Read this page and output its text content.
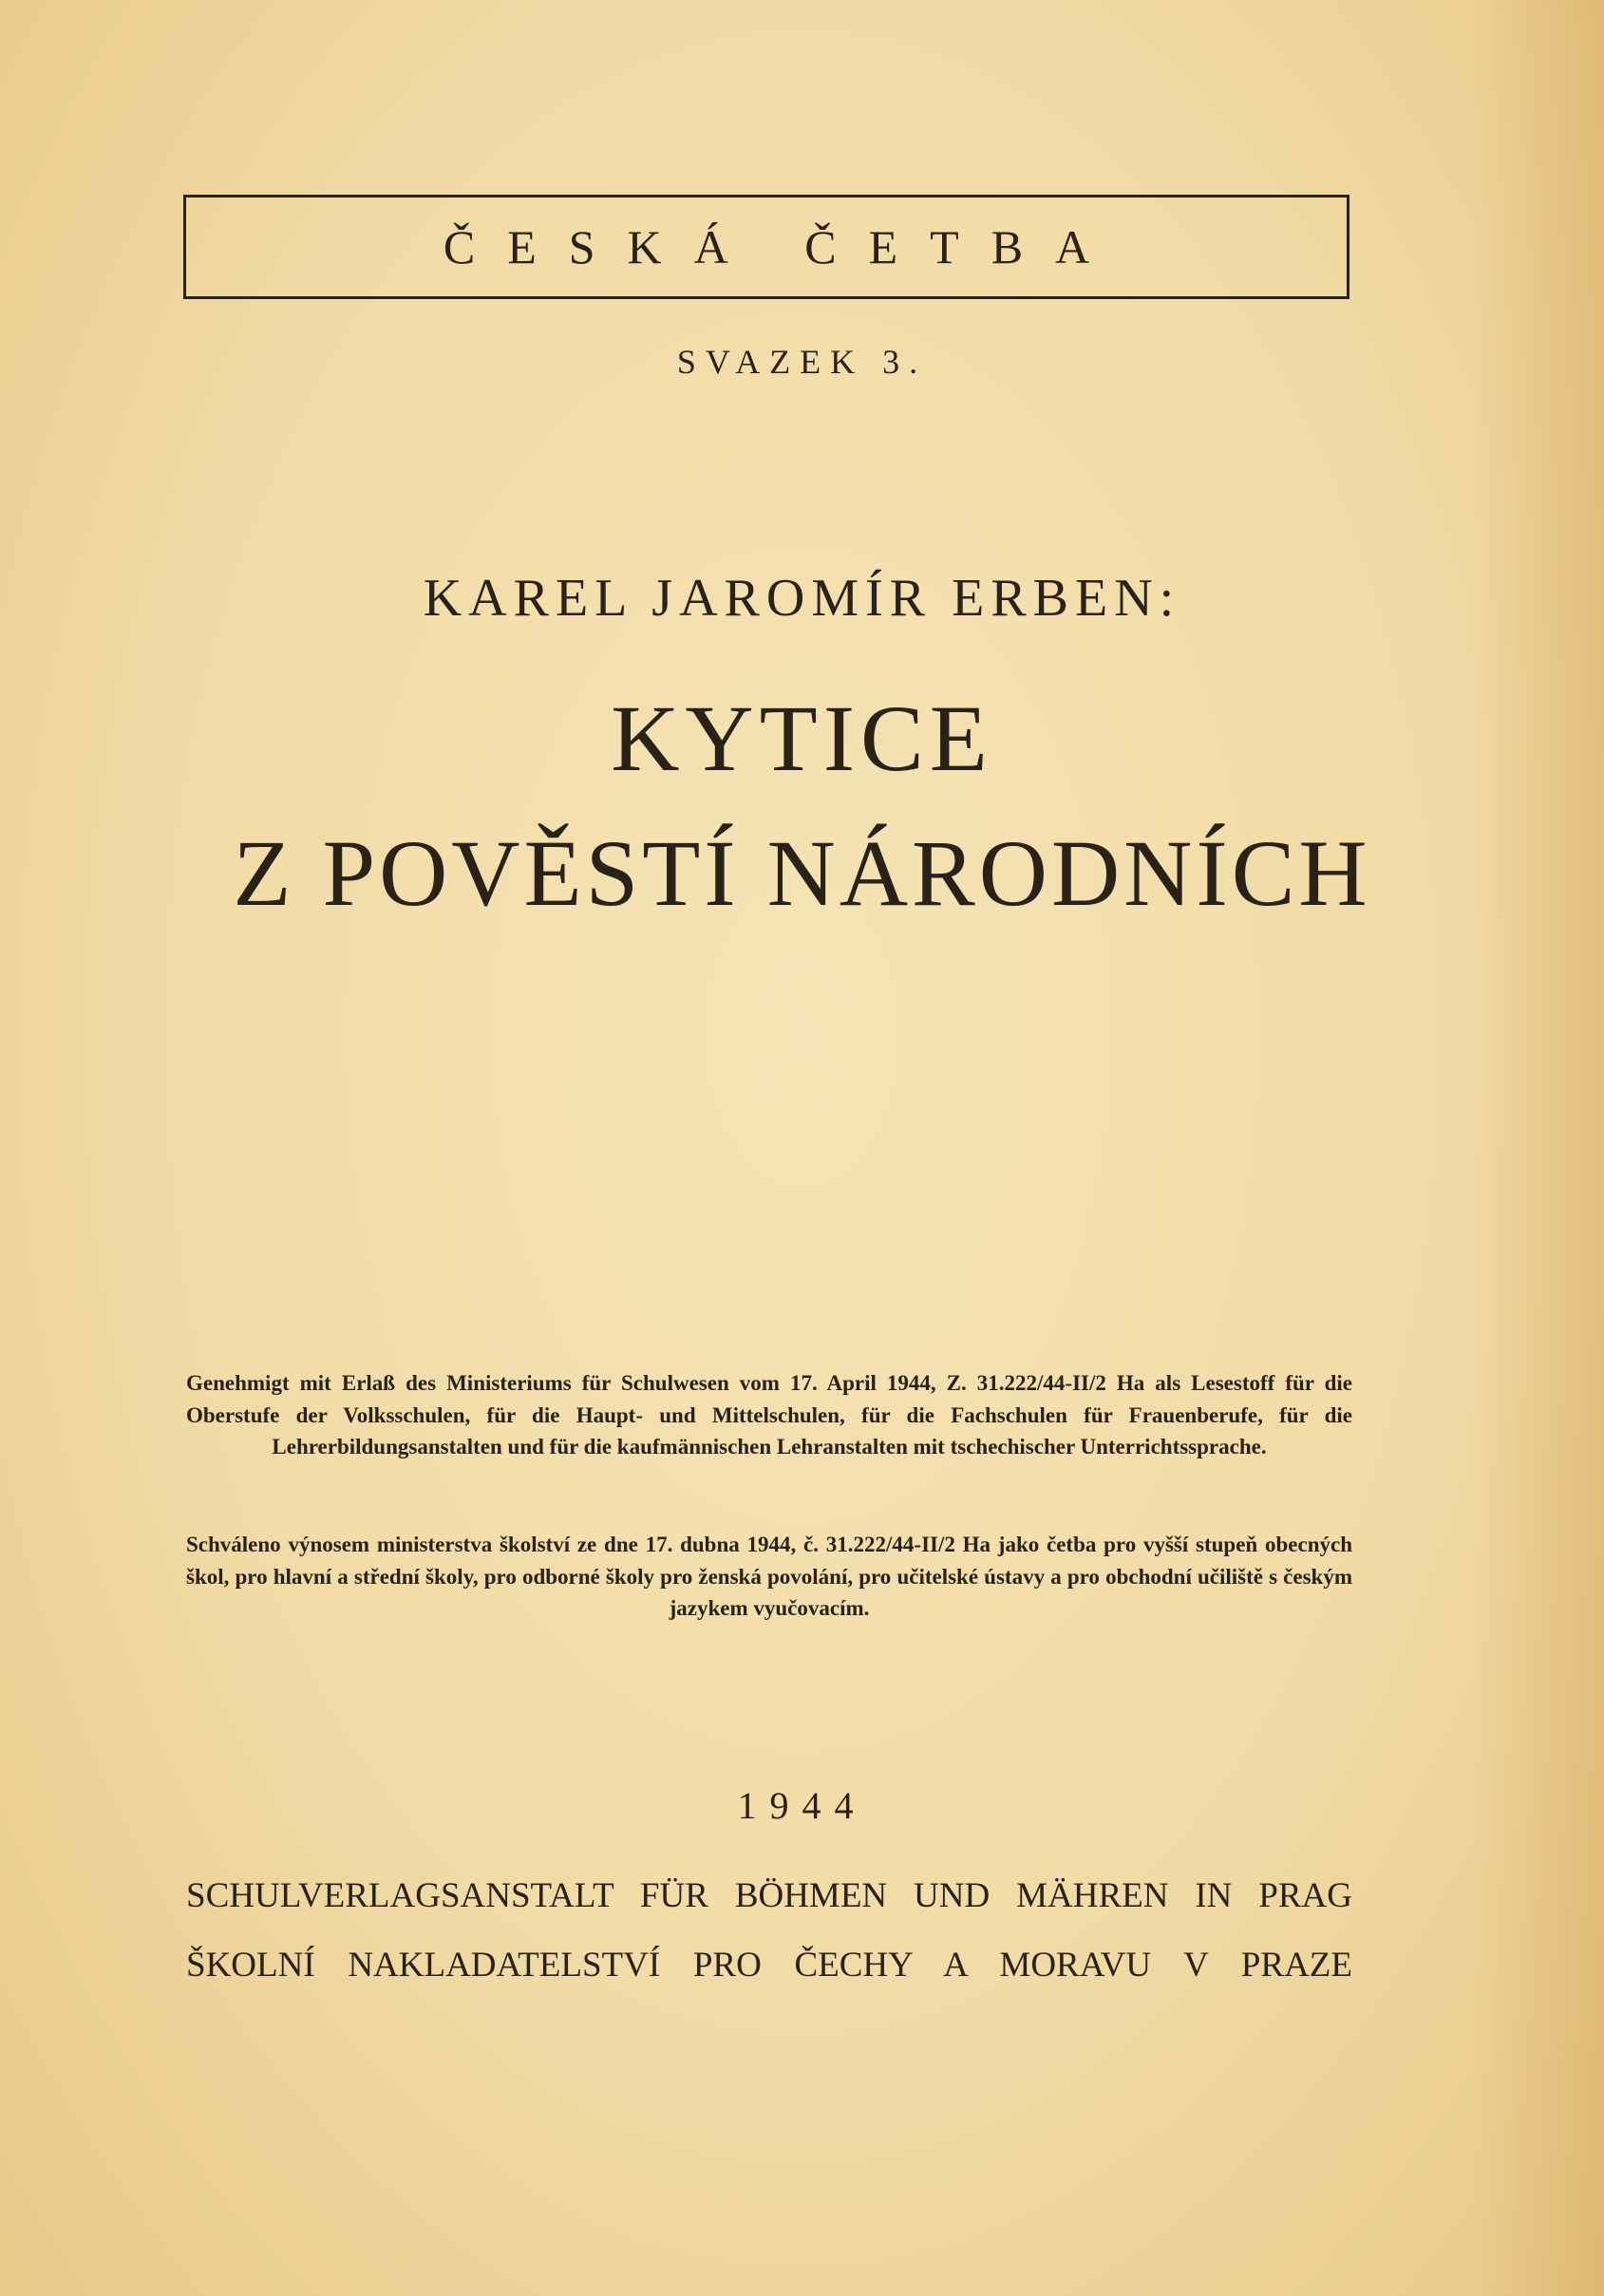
ČESKÁ ČETBA
SVAZEK 3.
KAREL JAROMÍR ERBEN:
KYTICE
Z POVĚSTÍ NÁRODNÍCH

Genehmigt mit Erlaß des Ministeriums für Schulwesen vom 17. April 1944, Z. 31.222/44-II/2 Ha als Lesestoff für die Oberstufe der Volksschulen, für die Haupt- und Mittelschulen, für die Fachschulen für Frauenberufe, für die Lehrerbildungsanstalten und für die kaufmännischen Lehranstalten mit tschechischer Unterrichtssprache.

Schváleno výnosem ministerstva školství ze dne 17. dubna 1944, č. 31.222/44-II/2 Ha jako četba pro vyšší stupeň obecných škol, pro hlavní a střední školy, pro odborné školy pro ženská povolání, pro učitelské ústavy a pro obchodní učiliště s českým jazykem vyučovacím.

1944
SCHULVERLAGSANSTALT FÜR BÖHMEN UND MÄHREN IN PRAG
ŠKOLNÍ NAKLADATELSTVÍ PRO ČECHY A MORAVU V PRAZE
